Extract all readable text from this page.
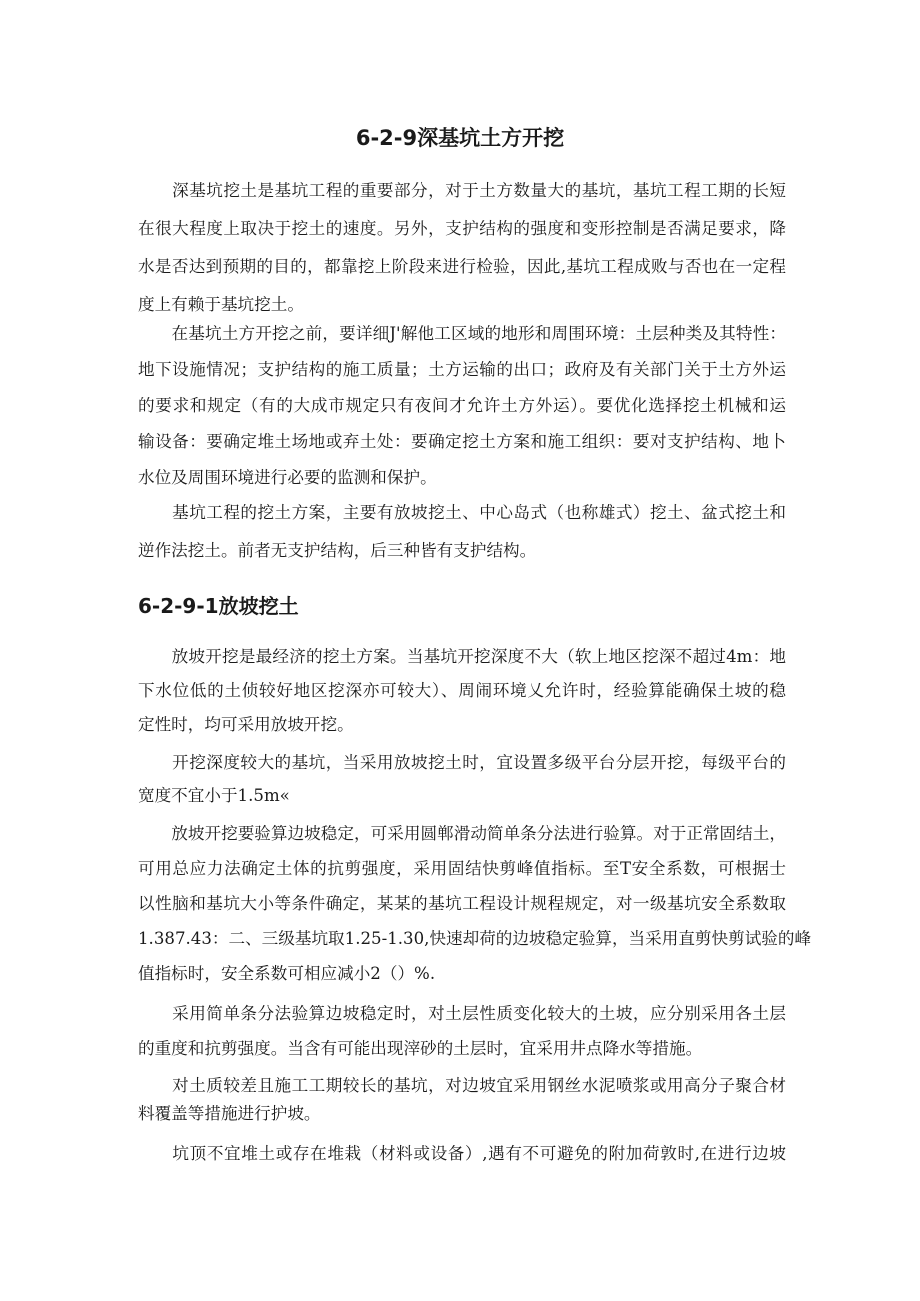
6-2-9深基坑土方开挖
　　深基坑挖土是基坑工程的重要部分，对于土方数量大的基坑，基坑工程工期的长短
在很大程度上取决于挖土的速度。另外，支护结构的强度和变形控制是否满足要求，降
水是否达到预期的目的，都靠挖上阶段来进行检验，因此,基坑工程成败与否也在一定程
度上有赖于基坑挖土。
　　在基坑土方开挖之前，要详细J'解他工区域的地形和周围环境：土层种类及其特性：
地下设施情况；支护结构的施工质量；土方运输的出口；政府及有关部门关于土方外运
的要求和规定（有的大成市规定只有夜间才允许土方外运）。要优化选择挖土机械和运
输设备：要确定堆土场地或弃土处：要确定挖土方案和施工组织：要对支护结构、地卜
水位及周围环境进行必要的监测和保护。
　　基坑工程的挖土方案，主要有放坡挖土、中心岛式（也称雄式）挖土、盆式挖土和
逆作法挖土。前者无支护结构，后三种皆有支护结构。
6-2-9-1放坡挖土
　　放坡开挖是最经济的挖土方案。当基坑开挖深度不大（软上地区挖深不超过4m：地
下水位低的土侦较好地区挖深亦可较大）、周闹环境乂允许时，经验算能确保土坡的稳
定性时，均可采用放坡开挖。
　　开挖深度较大的基坑，当采用放坡挖土时，宜设置多级平台分层开挖，每级平台的
宽度不宜小于1.5m«
　　放坡开挖要验算边坡稳定，可采用圆郸滑动简单条分法进行验算。对于正常固结土，
可用总应力法确定土体的抗剪强度，采用固结快剪峰值指标。至T安全系数，可根据士
以性脑和基坑大小等条件确定，某某的基坑工程设计规程规定，对一级基坑安全系数取
1.387.43：二、三级基坑取1.25-1.30,快速却荷的边坡稳定验算，当采用直剪快剪试验的峰
值指标时，安全系数可相应减小2（）%.
　　采用简单条分法验算边坡稳定时，对土层性质变化较大的土坡，应分别采用各土层
的重度和抗剪强度。当含有可能出现滓砂的土层时，宜采用井点降水等措施。
　　对土质较差且施工工期较长的基坑，对边坡宜采用钢丝水泥喷浆或用高分子聚合材
料覆盖等措施进行护坡。
　　坑顶不宜堆土或存在堆栽（材料或设备）,遇有不可避免的附加荷敦时,在进行边坡
